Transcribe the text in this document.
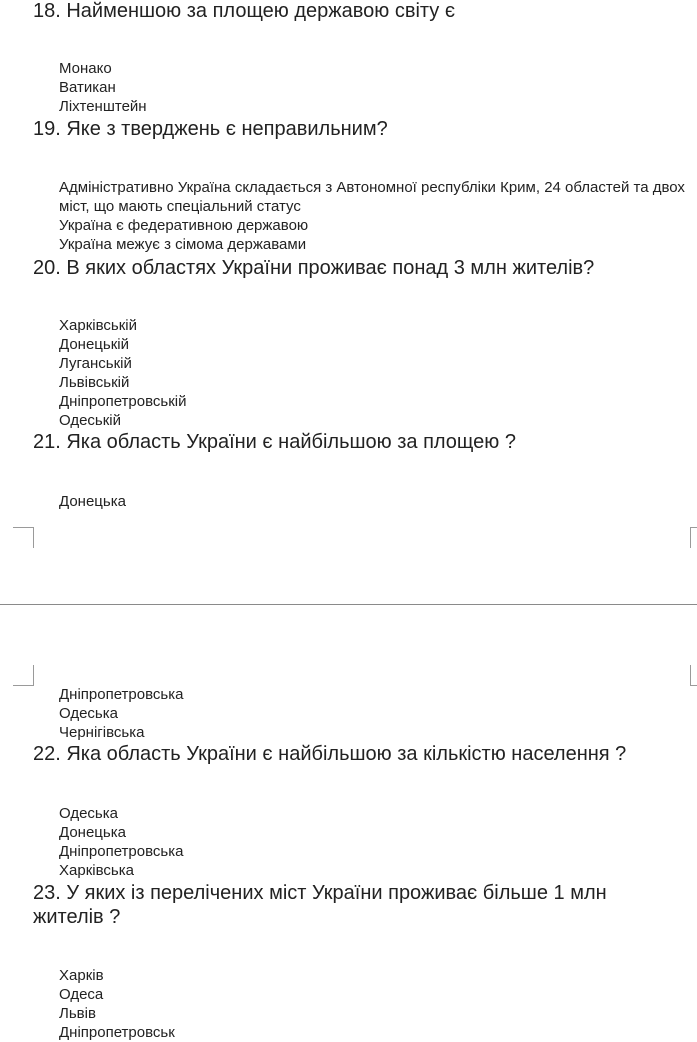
18. Найменшою за площею державою світу є
Монако
Ватикан
Ліхтенштейн
19. Яке з тверджень є неправильним?
Адміністративно Україна складається з Автономної республіки Крим, 24 областей та двох міст, що мають спеціальний статус
Україна є федеративною державою
Україна межує з сімома державами
20. В яких областях України проживає понад 3 млн жителів?
Харківській
Донецькій
Луганській
Львівській
Дніпропетровській
Одеській
21. Яка область України є найбільшою за площею ?
Донецька
Дніпропетровська
Одеська
Чернігівська
22. Яка область України є найбільшою за кількістю населення ?
Одеська
Донецька
Дніпропетровська
Харківська
23. У яких із перелічених міст України проживає більше 1 млн жителів ?
Харків
Одеса
Львів
Дніпропетровськ
